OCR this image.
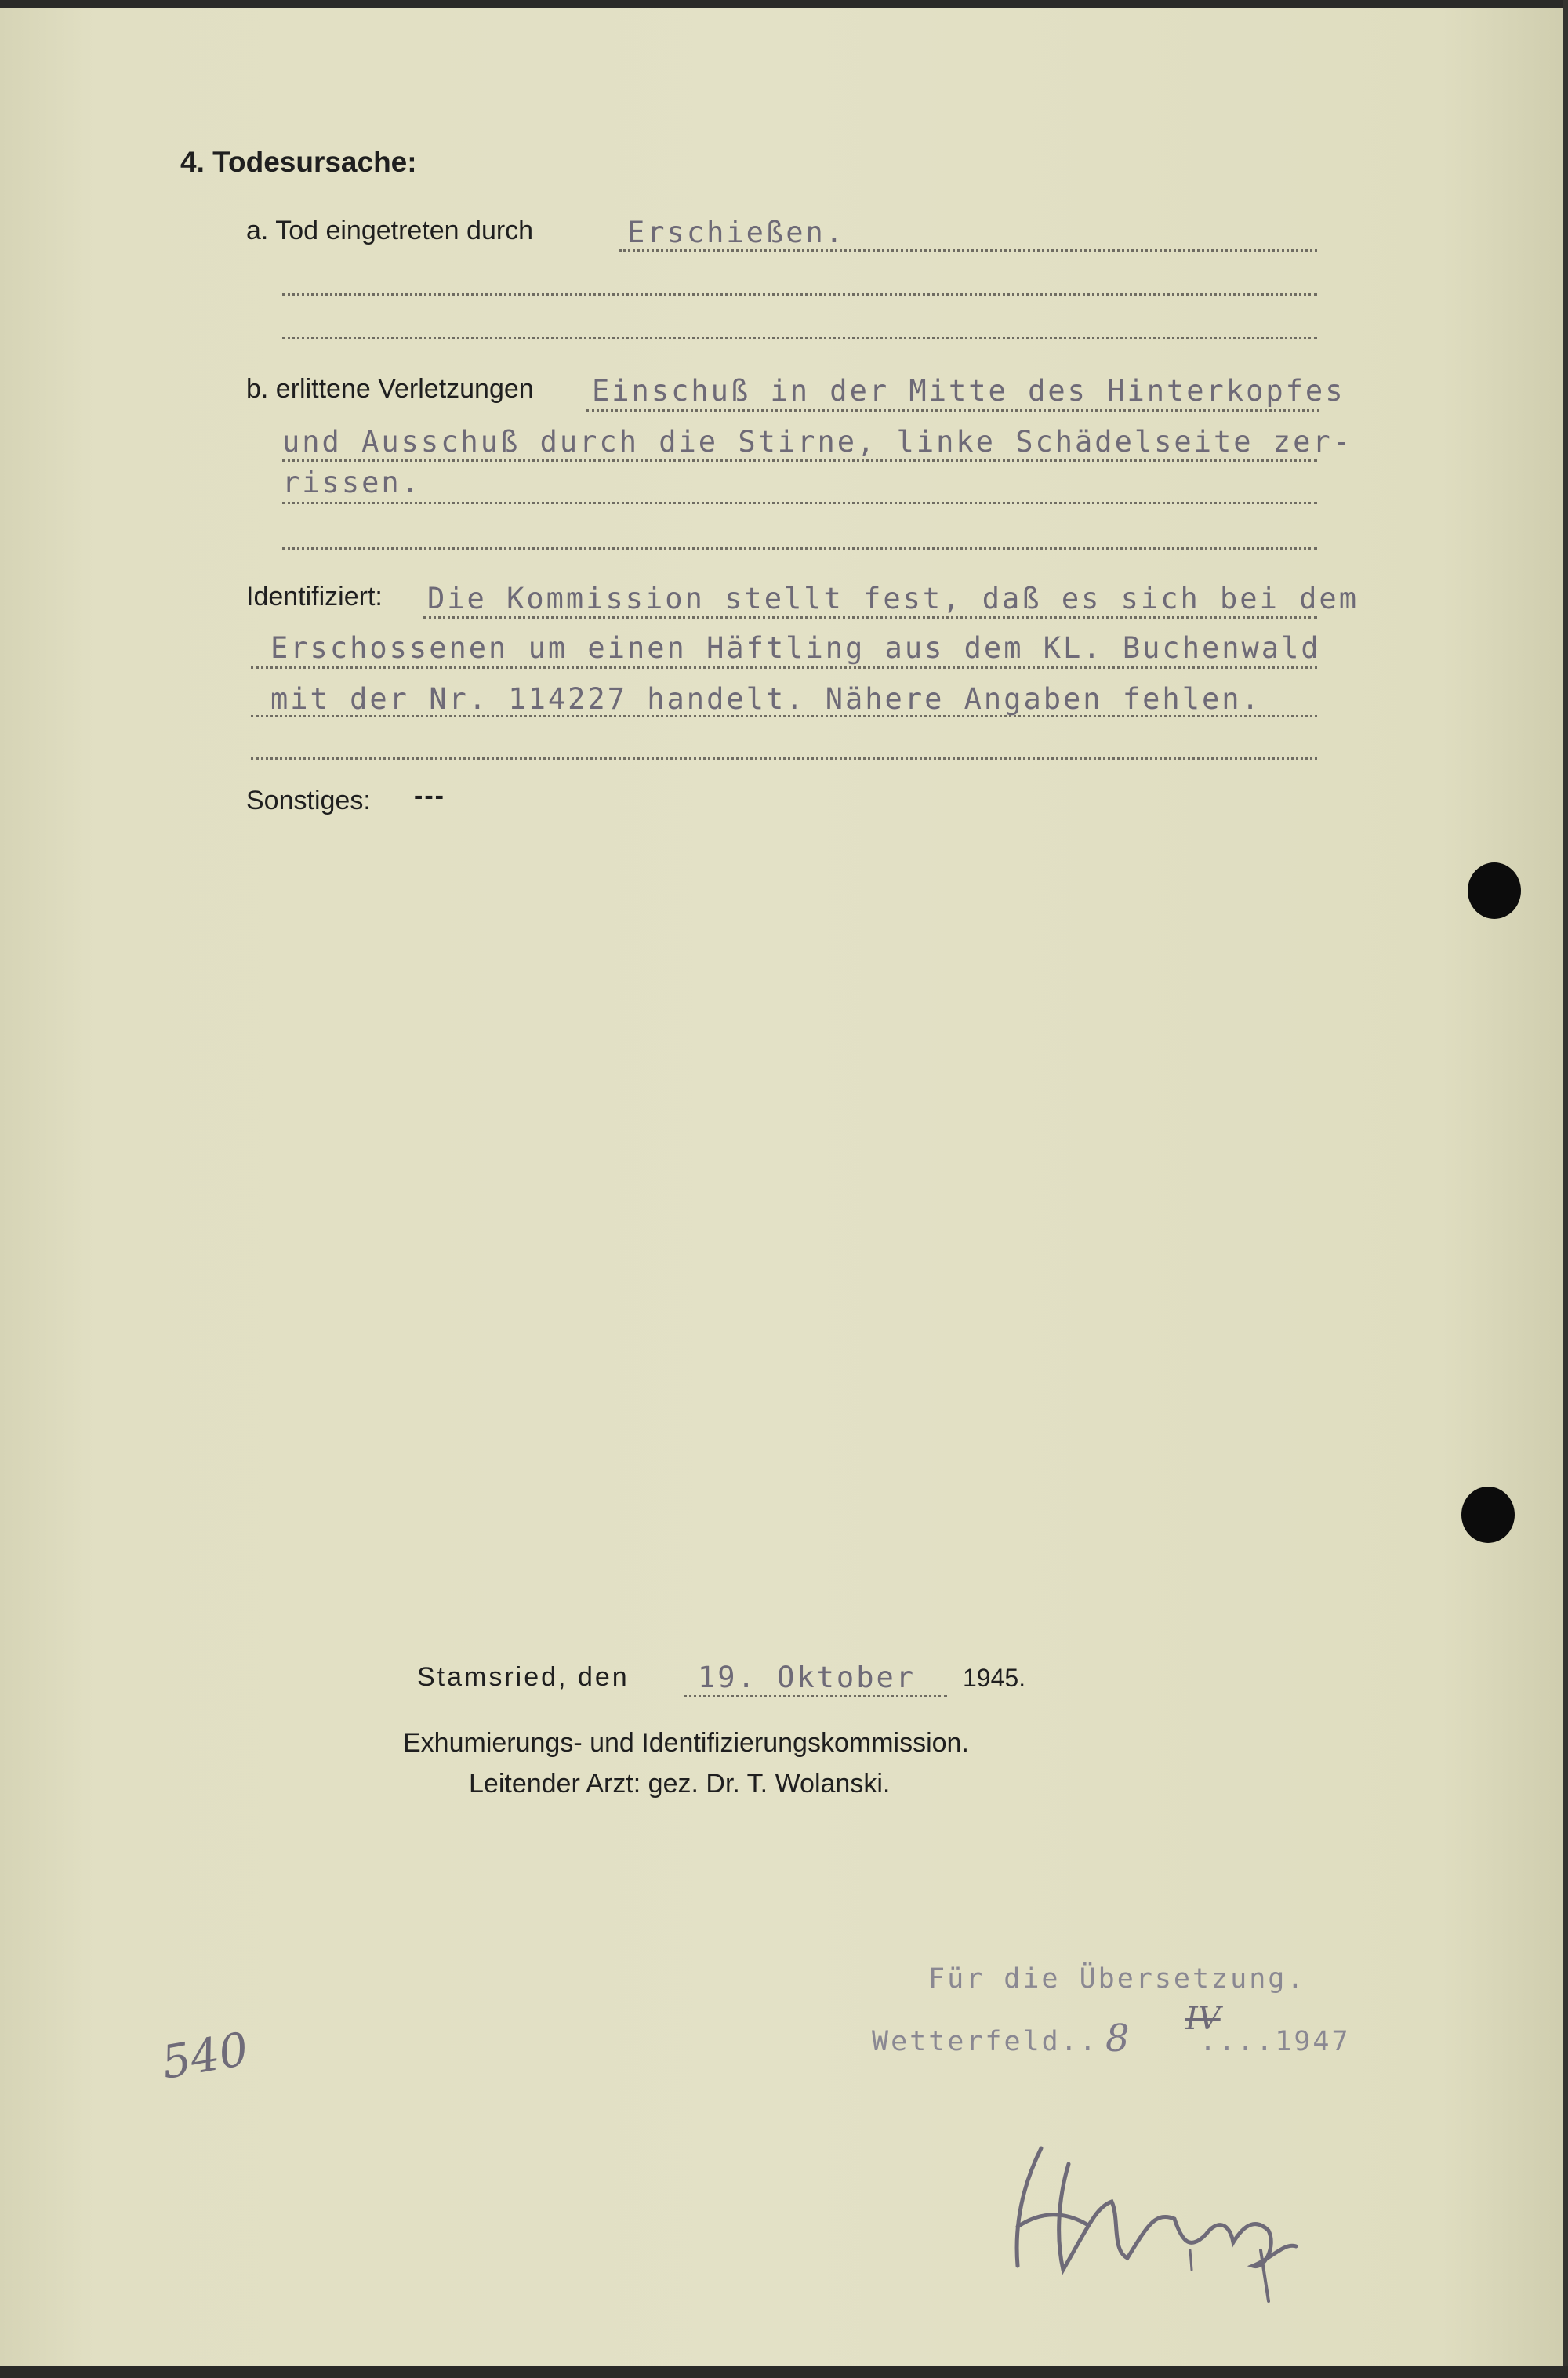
4. Todesursache:
a. Tod eingetreten durch	Erschießen.
b. erlittene Verletzungen Einschuß in der Mitte des Hinterkopfes
und Ausschuß durch die Stirne, linke Schädelseite zer-
rissen.
Identifiziert: Die Kommission stellt fest, daß es sich bei dem
Erschossenen um einen Häftling aus dem KL. Buchenwald
mit der Nr. 114227 handelt. Nähere Angaben fehlen.
Sonstiges: ---
Stamsried, den 19. Oktober 1945.
Exhumierungs- und Identifizierungskommission.
Leitender Arzt: gez. Dr. T. Wolanski.
Für die Übersetzung.
Wetterfeld.. 8 IV
....1947
540
